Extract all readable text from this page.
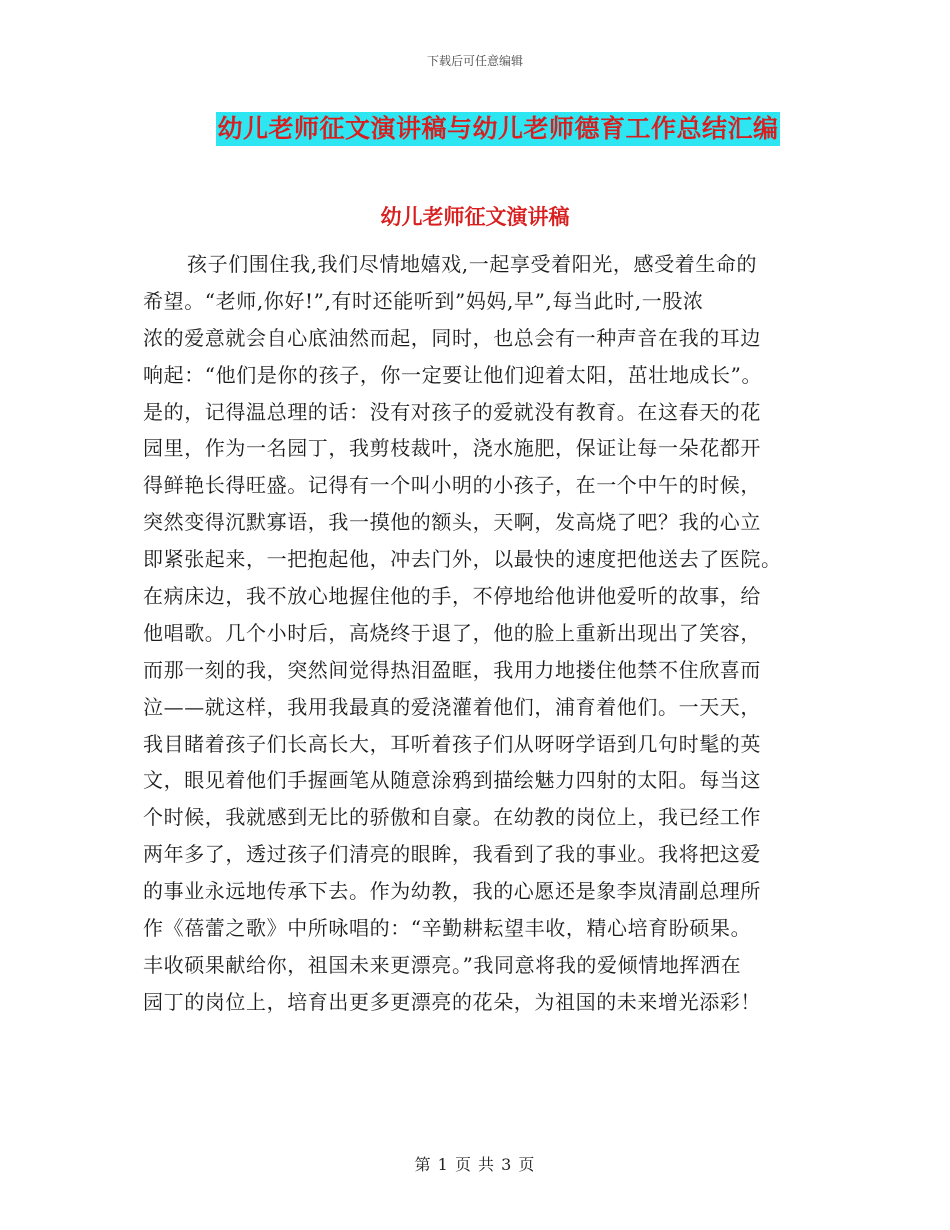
下载后可任意编辑
幼儿老师征文演讲稿与幼儿老师德育工作总结汇编
幼儿老师征文演讲稿
孩子们围住我,我们尽情地嬉戏,一起享受着阳光，感受着生命的
希望。“老师,你好!”,有时还能听到”妈妈,早”,每当此时,一股浓
浓的爱意就会自心底油然而起，同时，也总会有一种声音在我的耳边
响起：“他们是你的孩子，你一定要让他们迎着太阳，茁壮地成长”。
是的，记得温总理的话：没有对孩子的爱就没有教育。在这春天的花
园里，作为一名园丁，我剪枝裁叶，浇水施肥，保证让每一朵花都开
得鲜艳长得旺盛。记得有一个叫小明的小孩子，在一个中午的时候，
突然变得沉默寡语，我一摸他的额头，天啊，发高烧了吧？我的心立
即紧张起来，一把抱起他，冲去门外，以最快的速度把他送去了医院。
在病床边，我不放心地握住他的手，不停地给他讲他爱听的故事，给
他唱歌。几个小时后，高烧终于退了，他的脸上重新出现出了笑容，
而那一刻的我，突然间觉得热泪盈眶，我用力地搂住他禁不住欣喜而
泣——就这样，我用我最真的爱浇灌着他们，浦育着他们。一天天，
我目睹着孩子们长高长大，耳听着孩子们从呀呀学语到几句时髦的英
文，眼见着他们手握画笔从随意涂鸦到描绘魅力四射的太阳。每当这
个时候，我就感到无比的骄傲和自豪。在幼教的岗位上，我已经工作
两年多了，透过孩子们清亮的眼眸，我看到了我的事业。我将把这爱
的事业永远地传承下去。作为幼教，我的心愿还是象李岚清副总理所
作《蓓蕾之歌》中所咏唱的：“辛勤耕耘望丰收，精心培育盼硕果。
丰收硕果献给你，祖国未来更漂亮。”我同意将我的爱倾情地挥洒在
园丁的岗位上，培育出更多更漂亮的花朵，为祖国的未来增光添彩！
第 1 页 共 3 页
